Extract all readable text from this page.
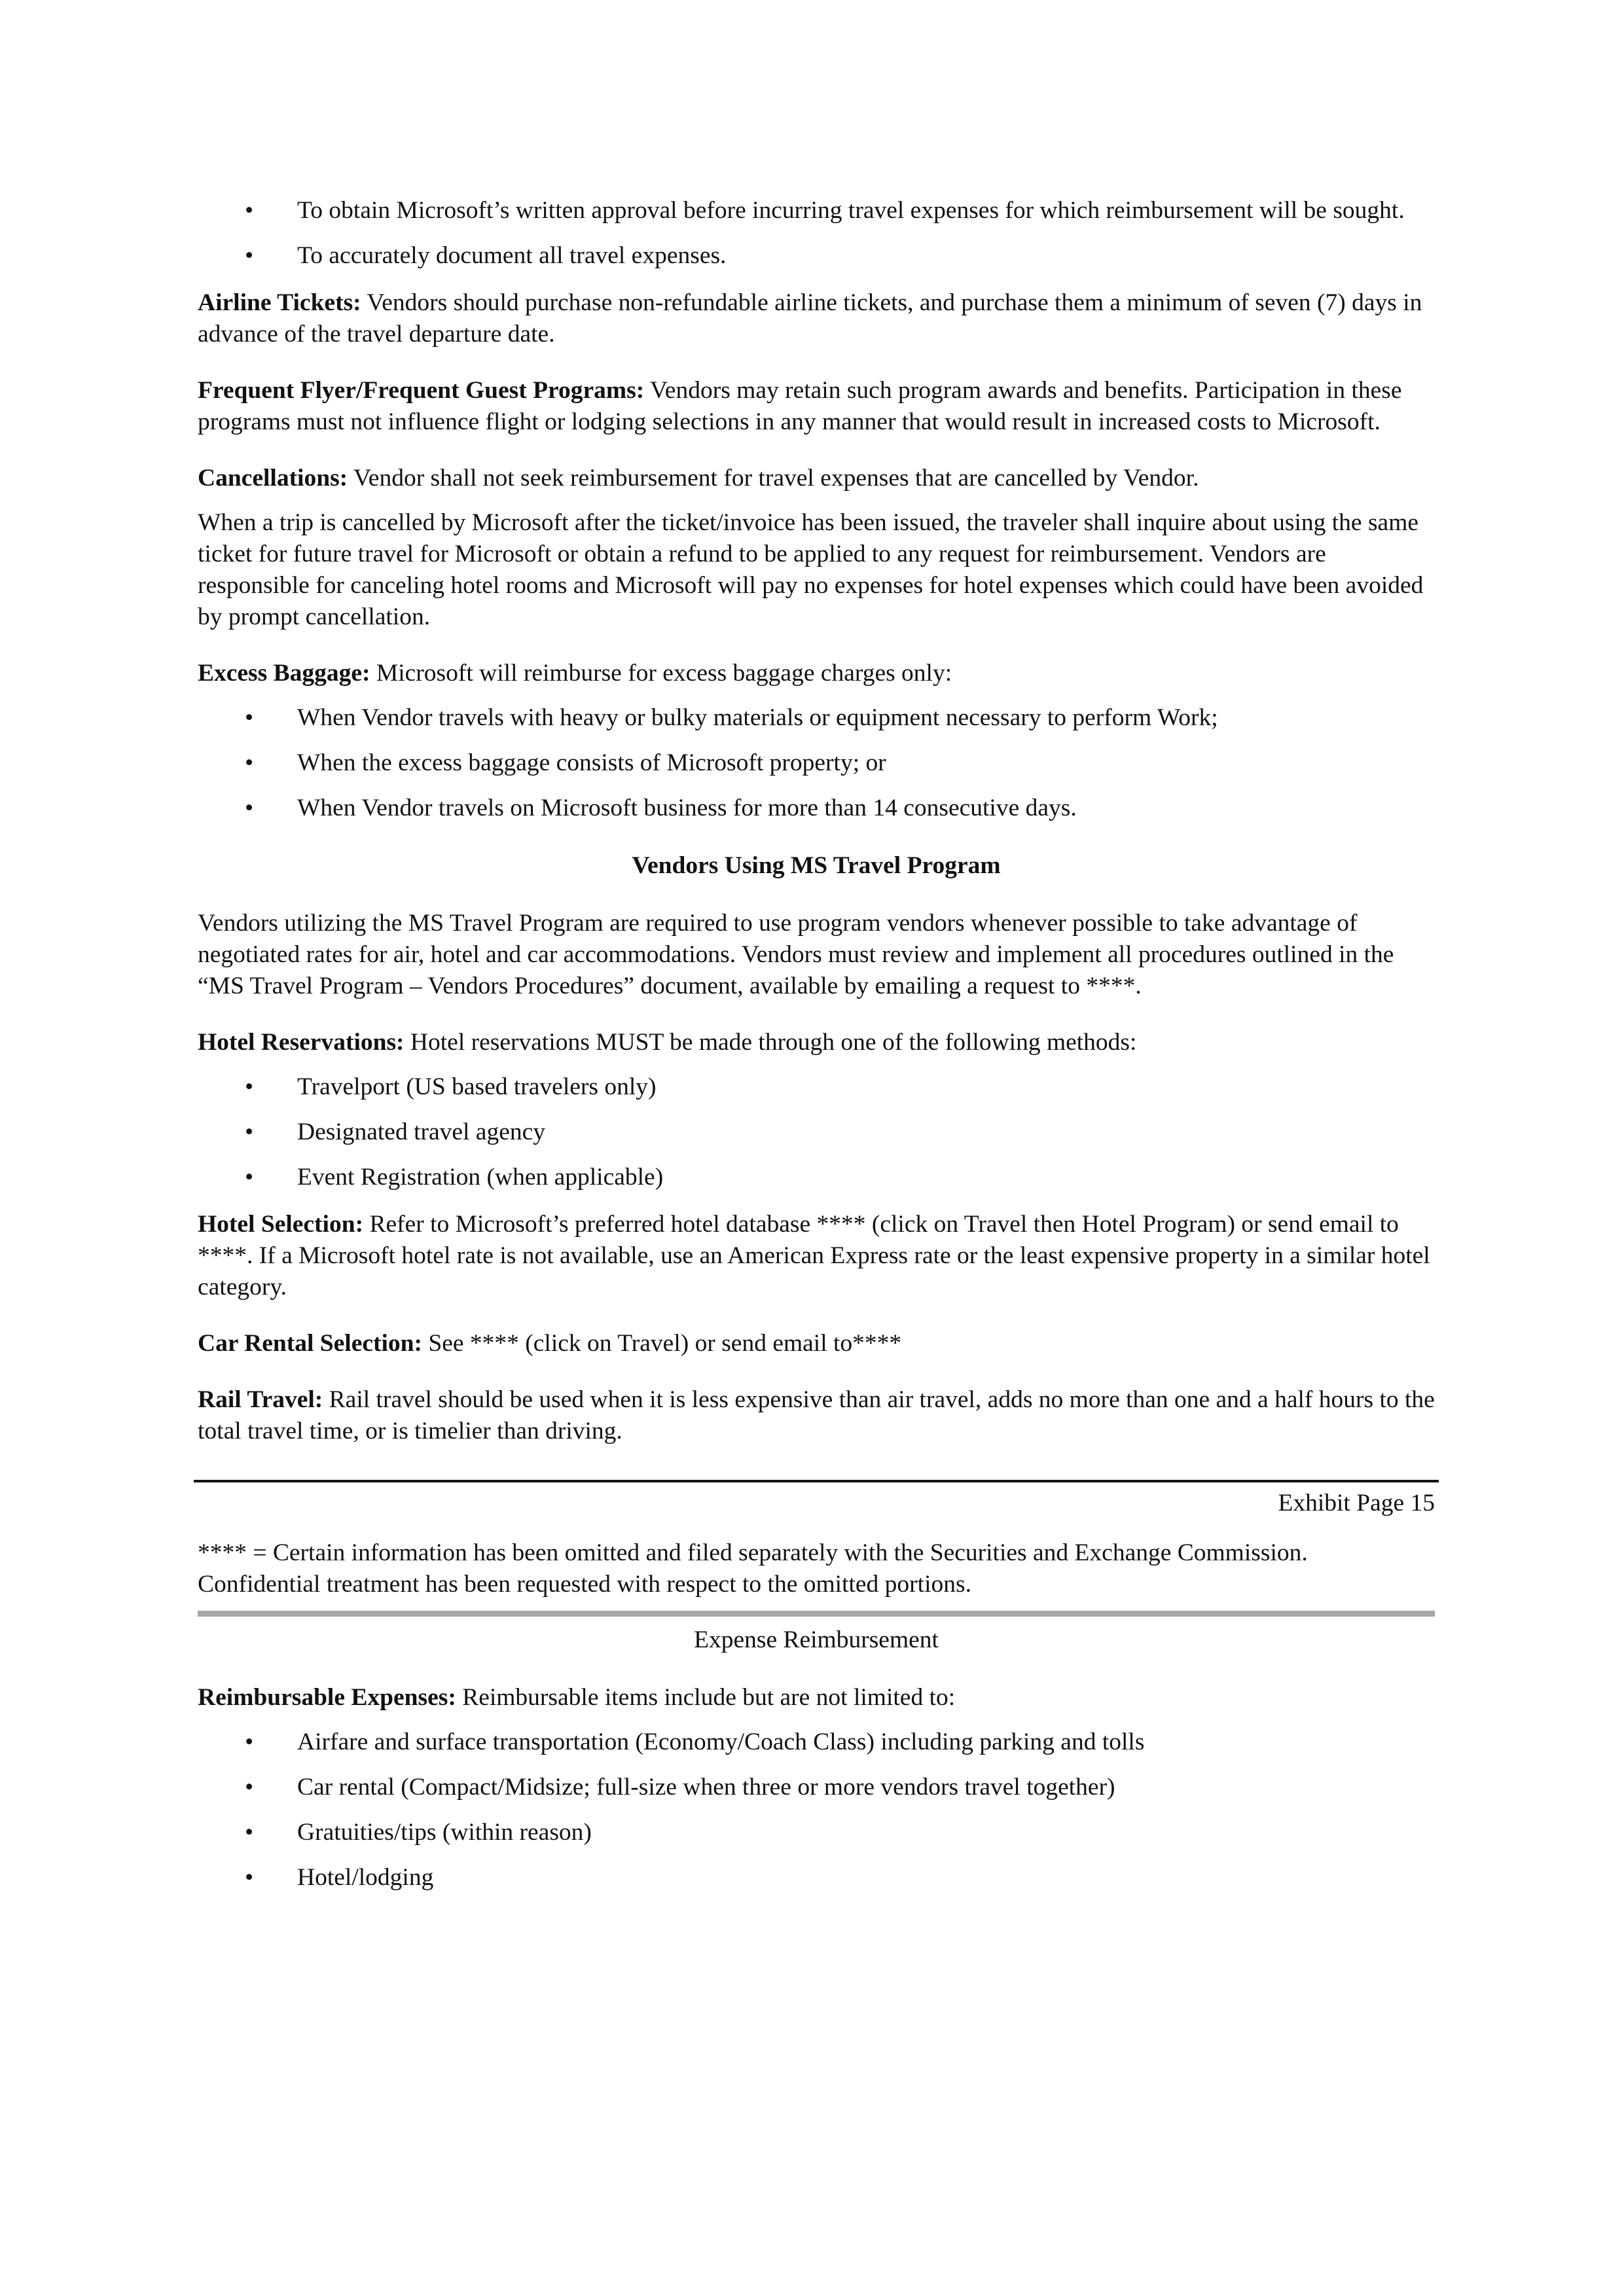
• To obtain Microsoft’s written approval before incurring travel expenses for which reimbursement will be sought.
• To accurately document all travel expenses.

Airline Tickets: Vendors should purchase non-refundable airline tickets, and purchase them a minimum of seven (7) days in advance of the travel departure date.

Frequent Flyer/Frequent Guest Programs: Vendors may retain such program awards and benefits. Participation in these programs must not influence flight or lodging selections in any manner that would result in increased costs to Microsoft.

Cancellations: Vendor shall not seek reimbursement for travel expenses that are cancelled by Vendor.

When a trip is cancelled by Microsoft after the ticket/invoice has been issued, the traveler shall inquire about using the same ticket for future travel for Microsoft or obtain a refund to be applied to any request for reimbursement. Vendors are responsible for canceling hotel rooms and Microsoft will pay no expenses for hotel expenses which could have been avoided by prompt cancellation.

Excess Baggage: Microsoft will reimburse for excess baggage charges only:

• When Vendor travels with heavy or bulky materials or equipment necessary to perform Work;
• When the excess baggage consists of Microsoft property; or
• When Vendor travels on Microsoft business for more than 14 consecutive days.

Vendors Using MS Travel Program

Vendors utilizing the MS Travel Program are required to use program vendors whenever possible to take advantage of negotiated rates for air, hotel and car accommodations. Vendors must review and implement all procedures outlined in the “MS Travel Program – Vendors Procedures” document, available by emailing a request to ****.

Hotel Reservations: Hotel reservations MUST be made through one of the following methods:

• Travelport (US based travelers only)
• Designated travel agency
• Event Registration (when applicable)

Hotel Selection: Refer to Microsoft’s preferred hotel database **** (click on Travel then Hotel Program) or send email to ****. If a Microsoft hotel rate is not available, use an American Express rate or the least expensive property in a similar hotel category.

Car Rental Selection: See **** (click on Travel) or send email to****

Rail Travel: Rail travel should be used when it is less expensive than air travel, adds no more than one and a half hours to the total travel time, or is timelier than driving.

Exhibit Page 15

**** = Certain information has been omitted and filed separately with the Securities and Exchange Commission. Confidential treatment has been requested with respect to the omitted portions.

Expense Reimbursement

Reimbursable Expenses: Reimbursable items include but are not limited to:

• Airfare and surface transportation (Economy/Coach Class) including parking and tolls
• Car rental (Compact/Midsize; full-size when three or more vendors travel together)
• Gratuities/tips (within reason)
• Hotel/lodging
